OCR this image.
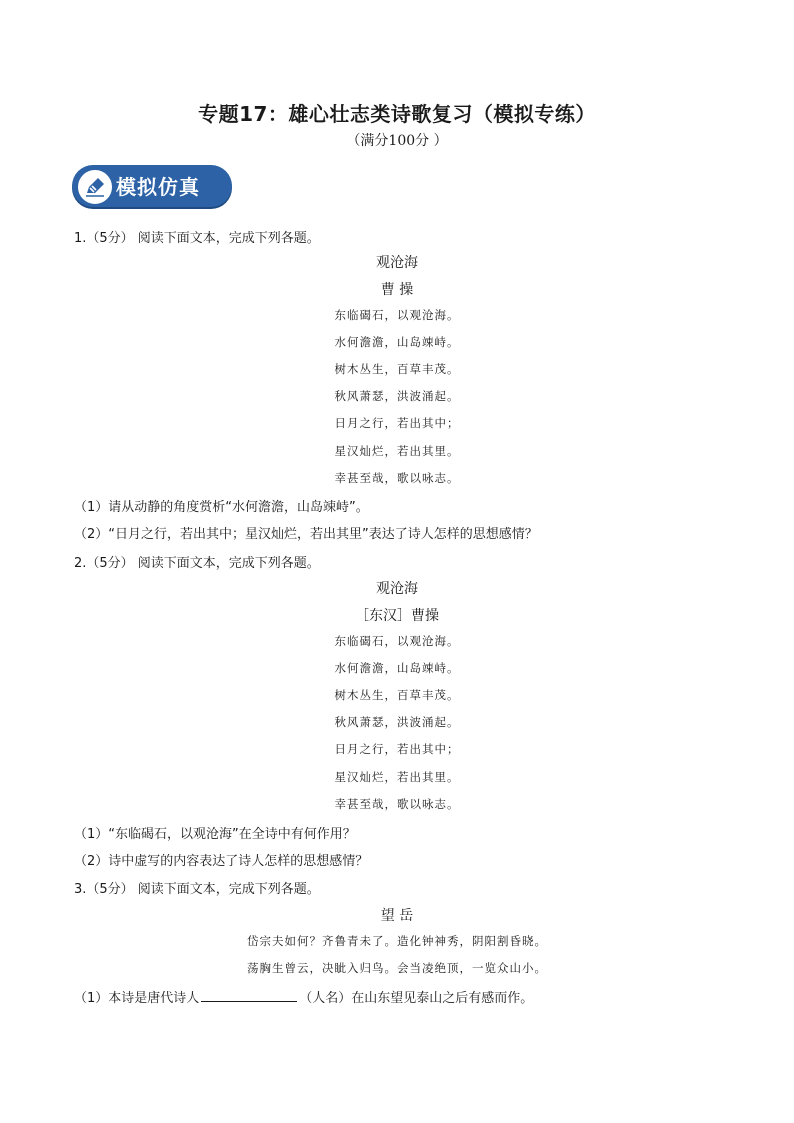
专题17：雄心壮志类诗歌复习（模拟专练）
（满分100分 ）
模拟仿真
1.（5分） 阅读下面文本，完成下列各题。
观沧海
曹 操
东临碣石，以观沧海。
水何澹澹，山岛竦峙。
树木丛生，百草丰茂。
秋风萧瑟，洪波涌起。
日月之行，若出其中；
星汉灿烂，若出其里。
幸甚至哉，歌以咏志。
（1）请从动静的角度赏析“水何澹澹，山岛竦峙”。
（2）“日月之行，若出其中；星汉灿烂，若出其里”表达了诗人怎样的思想感情？
2.（5分） 阅读下面文本，完成下列各题。
观沧海
［东汉］曹操
东临碣石，以观沧海。
水何澹澹，山岛竦峙。
树木丛生，百草丰茂。
秋风萧瑟，洪波涌起。
日月之行，若出其中；
星汉灿烂，若出其里。
幸甚至哉，歌以咏志。
（1）“东临碣石，以观沧海”在全诗中有何作用？
（2）诗中虚写的内容表达了诗人怎样的思想感情？
3.（5分） 阅读下面文本，完成下列各题。
望 岳
岱宗夫如何？齐鲁青未了。造化钟神秀，阴阳割昏晓。
荡胸生曾云，决眦入归鸟。会当凌绝顶，一览众山小。
（1）本诗是唐代诗人	（人名）在山东望见泰山之后有感而作。
